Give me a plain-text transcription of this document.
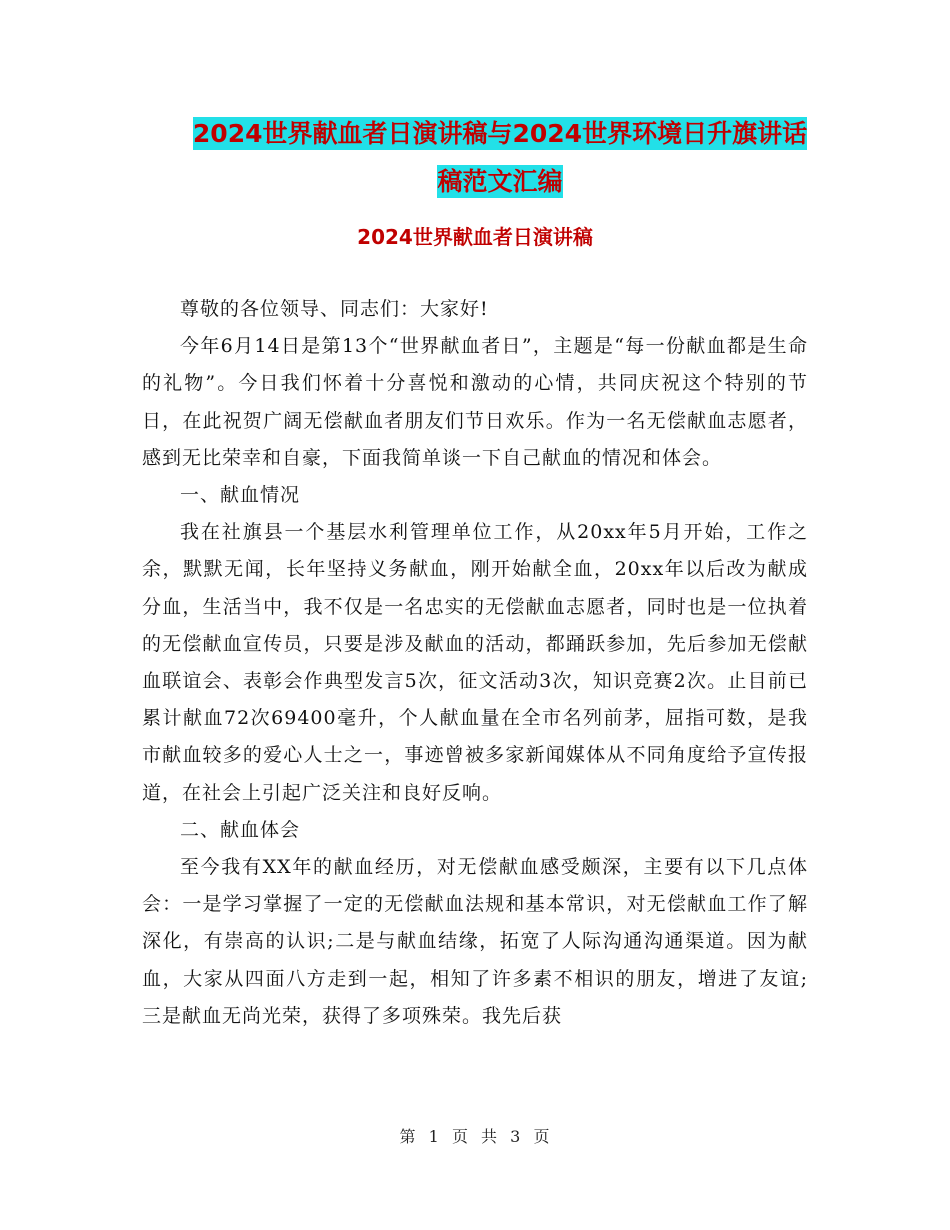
2024世界献血者日演讲稿与2024世界环境日升旗讲话
稿范文汇编
2024世界献血者日演讲稿

尊敬的各位领导、同志们：大家好!

今年6月14日是第13个“世界献血者日”，主题是“每一份献血都是生命的礼物”。今日我们怀着十分喜悦和激动的心情，共同庆祝这个特别的节日，在此祝贺广阔无偿献血者朋友们节日欢乐。作为一名无偿献血志愿者，感到无比荣幸和自豪，下面我简单谈一下自己献血的情况和体会。

一、献血情况

我在社旗县一个基层水利管理单位工作，从20xx年5月开始，工作之余，默默无闻，长年坚持义务献血，刚开始献全血，20xx年以后改为献成分血，生活当中，我不仅是一名忠实的无偿献血志愿者，同时也是一位执着的无偿献血宣传员，只要是涉及献血的活动，都踊跃参加，先后参加无偿献血联谊会、表彰会作典型发言5次，征文活动3次，知识竞赛2次。止目前已累计献血72次69400毫升，个人献血量在全市名列前茅，屈指可数，是我市献血较多的爱心人士之一，事迹曾被多家新闻媒体从不同角度给予宣传报道，在社会上引起广泛关注和良好反响。

二、献血体会

至今我有XX年的献血经历，对无偿献血感受颇深，主要有以下几点体会：一是学习掌握了一定的无偿献血法规和基本常识，对无偿献血工作了解深化，有崇高的认识;二是与献血结缘，拓宽了人际沟通沟通渠道。因为献血，大家从四面八方走到一起，相知了许多素不相识的朋友，增进了友谊;三是献血无尚光荣，获得了多项殊荣。我先后获

第 1 页 共 3 页
